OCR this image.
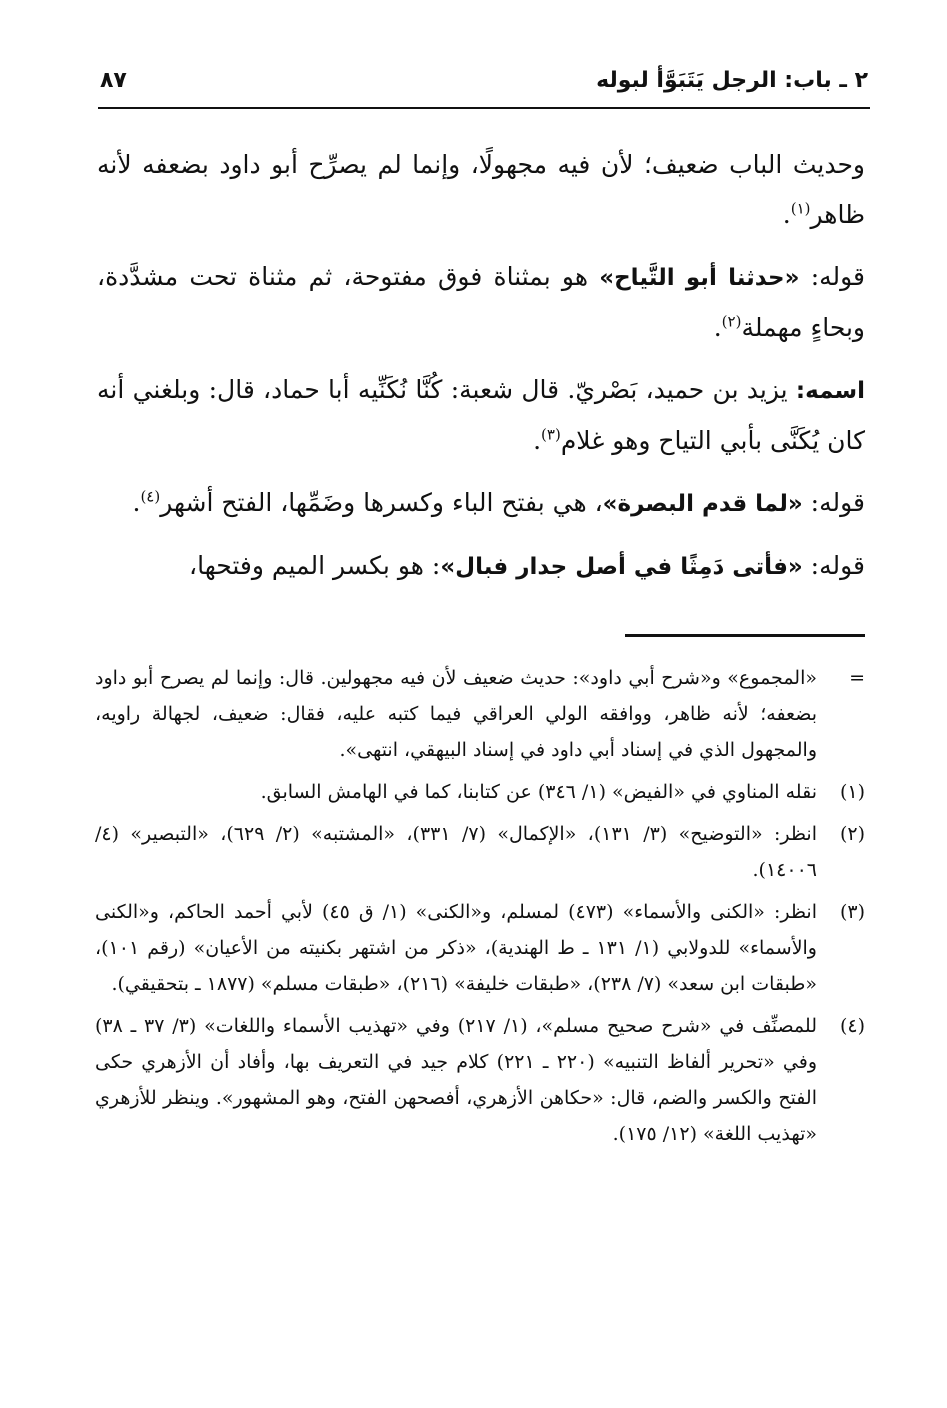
٢ ـ باب: الرجل يَتَبَوَّأ لبوله
٨٧

وحديث الباب ضعيف؛ لأن فيه مجهولًا، وإنما لم يصرِّح أبو داود بضعفه لأنه ظاهر$^{(١)}$.

قوله: «حدثنا أبو التَّياح» هو بمثناة فوق مفتوحة، ثم مثناة تحت مشدَّدة، وبحاءٍ مهملة$^{(٢)}$.

اسمه: يزيد بن حميد، بَصْريّ. قال شعبة: كُنَّا نُكَنِّيه أبا حماد، قال: وبلغني أنه كان يُكَنَّى بأبي التياح وهو غلام$^{(٣)}$.

قوله: «لما قدم البصرة»، هي بفتح الباء وكسرها وضَمِّها، الفتح أشهر$^{(٤)}$.

قوله: «فأتى دَمِثًا في أصل جدار فبال»: هو بكسر الميم وفتحها،

=
«المجموع» و«شرح أبي داود»: حديث ضعيف لأن فيه مجهولين. قال: وإنما لم يصرح أبو داود بضعفه؛ لأنه ظاهر، ووافقه الولي العراقي فيما كتبه عليه، فقال: ضعيف، لجهالة راويه، والمجهول الذي في إسناد أبي داود في إسناد البيهقي، انتهى».
(١)
نقله المناوي في «الفيض» (١/ ٣٤٦) عن كتابنا، كما في الهامش السابق.
(٢)
انظر: «التوضيح» (٣/ ١٣١)، «الإكمال» (٧/ ٣٣١)، «المشتبه» (٢/ ٦٢٩)، «التبصير» (٤/ ١٤٠٠٦).
(٣)
انظر: «الكنى والأسماء» (٤٧٣) لمسلم، و«الكنى» (١/ ق ٤٥) لأبي أحمد الحاكم، و«الكنى والأسماء» للدولابي (١/ ١٣١ ـ ط الهندية)، «ذكر من اشتهر بكنيته من الأعيان» (رقم ١٠١)، «طبقات ابن سعد» (٧/ ٢٣٨)، «طبقات خليفة» (٢١٦)، «طبقات مسلم» (١٨٧٧ ـ بتحقيقي).
(٤)
للمصنِّف في «شرح صحيح مسلم»، (١/ ٢١٧) وفي «تهذيب الأسماء واللغات» (٣/ ٣٧ ـ ٣٨) وفي «تحرير ألفاظ التنبيه» (٢٢٠ ـ ٢٢١) كلام جيد في التعريف بها، وأفاد أن الأزهري حكى الفتح والكسر والضم، قال: «حكاهن الأزهري، أفصحهن الفتح، وهو المشهور». وينظر للأزهري «تهذيب اللغة» (١٢/ ١٧٥).
